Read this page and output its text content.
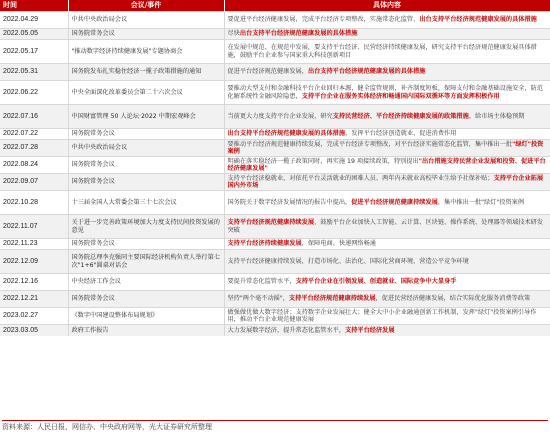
时间	会议/事件	具体内容
2022.04.29	中共中央政治局会议	要促进平台经济健康发展，完成平台经济专项整改，实施常态化监管，出台支持平台经济规范健康发展的具体措施
2022.05.05	国务院常务会议	尽快出台支持平台经济规范健康发展的具体措施
2022.05.17	"推动数字经济持续健康发展"专题协商会	在发展中规范、在规范中发展，要支持平台经济、民营经济持续健康发展，研究支持平台经济规范健康发展具体措施，鼓励平台企业参与国家重大科技创新项目
2022.05.31	国务院发布扎实稳住经济一揽子政策措施的通知	促进平台经济规范健康发展，出台支持平台经济规范健康发展的具体措施
2022.06.22	中央全面深化改革委员会第二十六次会议	要推动大型支付和金融科技平台企业回归本源，健全监管规则，补齐制度短板，保障支付和金融基础设施安全，防范化解系统性金融风险隐患，支持平台企业在服务实体经济和畅通国内国际双循环等方面发挥积极作用
2022.07.16	中国财富管理 50 人论坛·2022 中期宏观峰会	当前更大力度支持平台企业发展，研究支持民营经济、平台经济持续健康发展的政策措施，给市场主体稳预期
2022.07.22	国务院常务会议	出台支持平台经济规范健康发展的具体措施，发挥平台经济创造就业、促进消费作用
2022.07.28	中共中央政治局会议	要推动平台经济规范健康持续发展，完成平台经济专项整改，对平台经济实施常态化监管，集中推出一批"绿灯"投资案例
2022.08.24	国务院常务会议	明确在落实稳经济一揽子政策同时，再实施 19 项接续政策，特别提出"出台措施支持民营企业发展和投资、促进平台经济健康发展"
2022.09.07	国务院常务会议	支持平台经济稳就业，对依托平台灵活就业的困难人员、两年内未就业高校毕业生给予社保补贴；支持平台企业拓展国内外市场
2022.10.28	十三届全国人大常委会第三十七次会议	国务院关于数字经济发展情况的报告中提出，促进平台经济规范健康持续发展，集中推出一批"绿灯"投资案例
2022.11.07	关于进一步完善政策环境加大力度支持民间投资发展的意见	支持平台经济规范健康持续发展，鼓励平台企业加快人工智能、云计算、区块链、操作系统、处理器等领域技术研发突破
2022.11.23	国务院常务会议	支持平台经济持续健康发展，保障电商、快递网络畅通
2022.12.09	国务院总理李克强同主要国际经济机构负责人举行第七次"1+6"圆桌对话会	支持平台经济健康持续发展，打造市场化、法治化、国际化营商环境，营造公平竞争环境
2022.12.16	中央经济工作会议	要提升常态化监管水平，支持平台企业在引领发展、创造就业、国际竞争中大显身手
2022.12.21	国务院常务会议	坚持"两个毫不动摇"，支持平台经济规范健康持续发展，促进民营经济健康发展，结合实际优化服务消费等政策
2023.02.27	《数字中国建设整体布局规划》	做强做优做大数字经济；支持数字企业发展壮大；健全大中小企业融通创新工作机制，发挥"绿灯"投资案例引导作用，推动平台企业规范健康发展
2023.03.05	政府工作报告	大力发展数字经济，提升常态化监管水平，支持平台经济发展
资料来源：人民日报、网信办、中央政府网等，光大证券研究所整理
